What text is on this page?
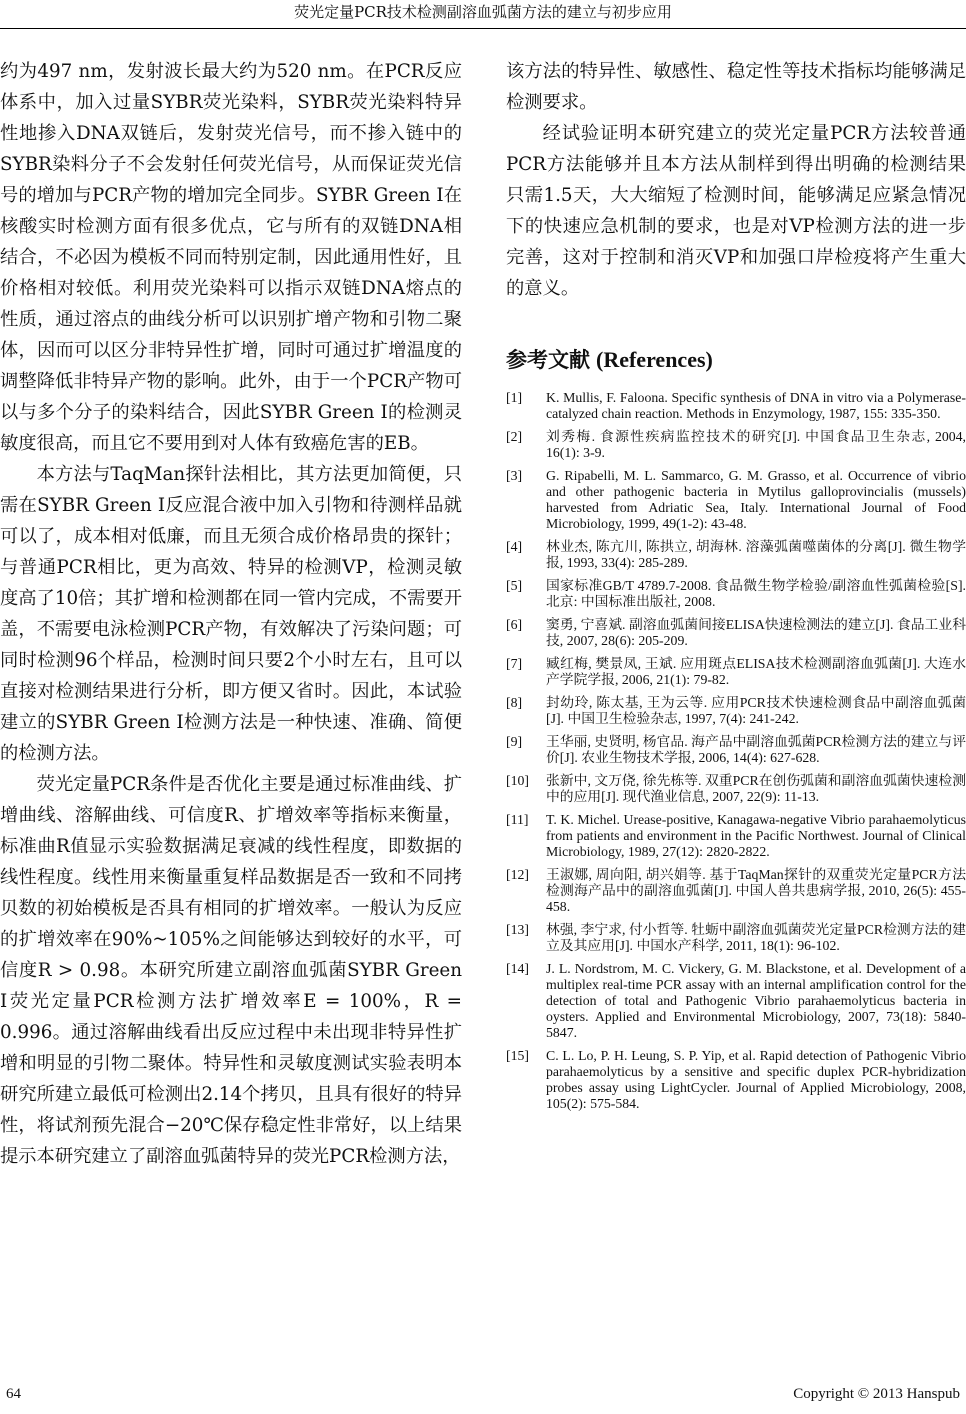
荧光定量PCR技术检测副溶血弧菌方法的建立与初步应用

约为497 nm，发射波长最大约为520 nm。在PCR反应体系中，加入过量SYBR荧光染料，SYBR荧光染料特异性地掺入DNA双链后，发射荧光信号，而不掺入链中的SYBR染料分子不会发射任何荧光信号，从而保证荧光信号的增加与PCR产物的增加完全同步。SYBR Green I在核酸实时检测方面有很多优点，它与所有的双链DNA相结合，不必因为模板不同而特别定制，因此通用性好，且价格相对较低。利用荧光染料可以指示双链DNA熔点的性质，通过溶点的曲线分析可以识别扩增产物和引物二聚体，因而可以区分非特异性扩增，同时可通过扩增温度的调整降低非特异产物的影响。此外，由于一个PCR产物可以与多个分子的染料结合，因此SYBR Green I的检测灵敏度很高，而且它不要用到对人体有致癌危害的EB。

本方法与TaqMan探针法相比，其方法更加简便，只需在SYBR Green I反应混合液中加入引物和待测样品就可以了，成本相对低廉，而且无须合成价格昂贵的探针；与普通PCR相比，更为高效、特异的检测VP，检测灵敏度高了10倍；其扩增和检测都在同一管内完成，不需要开盖，不需要电泳检测PCR产物，有效解决了污染问题；可同时检测96个样品，检测时间只要2个小时左右，且可以直接对检测结果进行分析，即方便又省时。因此，本试验建立的SYBR Green I检测方法是一种快速、准确、简便的检测方法。

荧光定量PCR条件是否优化主要是通过标准曲线、扩增曲线、溶解曲线、可信度R、扩增效率等指标来衡量，标准曲R值显示实验数据满足衰减的线性程度，即数据的线性程度。线性用来衡量重复样品数据是否一致和不同拷贝数的初始模板是否具有相同的扩增效率。一般认为反应的扩增效率在90%~105%之间能够达到较好的水平，可信度R > 0.98。本研究所建立副溶血弧菌SYBR Green I荧光定量PCR检测方法扩增效率E = 100%，R = 0.996。通过溶解曲线看出反应过程中未出现非特异性扩增和明显的引物二聚体。特异性和灵敏度测试实验表明本研究所建立最低可检测出2.14个拷贝，且具有很好的特异性，将试剂预先混合−20℃保存稳定性非常好，以上结果提示本研究建立了副溶血弧菌特异的荧光PCR检测方法，

该方法的特异性、敏感性、稳定性等技术指标均能够满足检测要求。

经试验证明本研究建立的荧光定量PCR方法较普通PCR方法能够并且本方法从制样到得出明确的检测结果只需1.5天，大大缩短了检测时间，能够满足应紧急情况下的快速应急机制的要求，也是对VP检测方法的进一步完善，这对于控制和消灭VP和加强口岸检疫将产生重大的意义。

参考文献 (References)
[1]	K. Mullis, F. Faloona. Specific synthesis of DNA in vitro via a Polymerase-catalyzed chain reaction. Methods in Enzymology, 1987, 155: 335-350.
[2]	刘秀梅. 食源性疾病监控技术的研究[J]. 中国食品卫生杂志, 2004, 16(1): 3-9.
[3]	G. Ripabelli, M. L. Sammarco, G. M. Grasso, et al. Occurrence of vibrio and other pathogenic bacteria in Mytilus galloprovincialis (mussels) harvested from Adriatic Sea, Italy. International Journal of Food Microbiology, 1999, 49(1-2): 43-48.
[4]	林业杰, 陈亢川, 陈拱立, 胡海林. 溶藻弧菌噬菌体的分离[J]. 微生物学报, 1993, 33(4): 285-289.
[5]	国家标准GB/T 4789.7-2008. 食品微生物学检验/副溶血性弧菌检验[S]. 北京: 中国标准出版社, 2008.
[6]	窦勇, 宁喜斌. 副溶血弧菌间接ELISA快速检测法的建立[J]. 食品工业科技, 2007, 28(6): 205-209.
[7]	臧红梅, 樊景凤, 王斌. 应用斑点ELISA技术检测副溶血弧菌[J]. 大连水产学院学报, 2006, 21(1): 79-82.
[8]	封幼玲, 陈太基, 王为云等. 应用PCR技术快速检测食品中副溶血弧菌[J]. 中国卫生检验杂志, 1997, 7(4): 241-242.
[9]	王华丽, 史贤明, 杨官品. 海产品中副溶血弧菌PCR检测方法的建立与评价[J]. 农业生物技术学报, 2006, 14(4): 627-628.
[10]	张新中, 文万侥, 徐先栋等. 双重PCR在创伤弧菌和副溶血弧菌快速检测中的应用[J]. 现代渔业信息, 2007, 22(9): 11-13.
[11]	T. K. Michel. Urease-positive, Kanagawa-negative Vibrio parahaemolyticus from patients and environment in the Pacific Northwest. Journal of Clinical Microbiology, 1989, 27(12): 2820-2822.
[12]	王淑娜, 周向阳, 胡兴娟等. 基于TaqMan探针的双重荧光定量PCR方法检测海产品中的副溶血弧菌[J]. 中国人兽共患病学报, 2010, 26(5): 455-458.
[13]	林强, 李宁求, 付小哲等. 牡蛎中副溶血弧菌荧光定量PCR检测方法的建立及其应用[J]. 中国水产科学, 2011, 18(1): 96-102.
[14]	J. L. Nordstrom, M. C. Vickery, G. M. Blackstone, et al. Development of a multiplex real-time PCR assay with an internal amplification control for the detection of total and Pathogenic Vibrio parahaemolyticus bacteria in oysters. Applied and Environmental Microbiology, 2007, 73(18): 5840-5847.
[15]	C. L. Lo, P. H. Leung, S. P. Yip, et al. Rapid detection of Pathogenic Vibrio parahaemolyticus by a sensitive and specific duplex PCR-hybridization probes assay using LightCycler. Journal of Applied Microbiology, 2008, 105(2): 575-584.
64	Copyright © 2013 Hanspub
